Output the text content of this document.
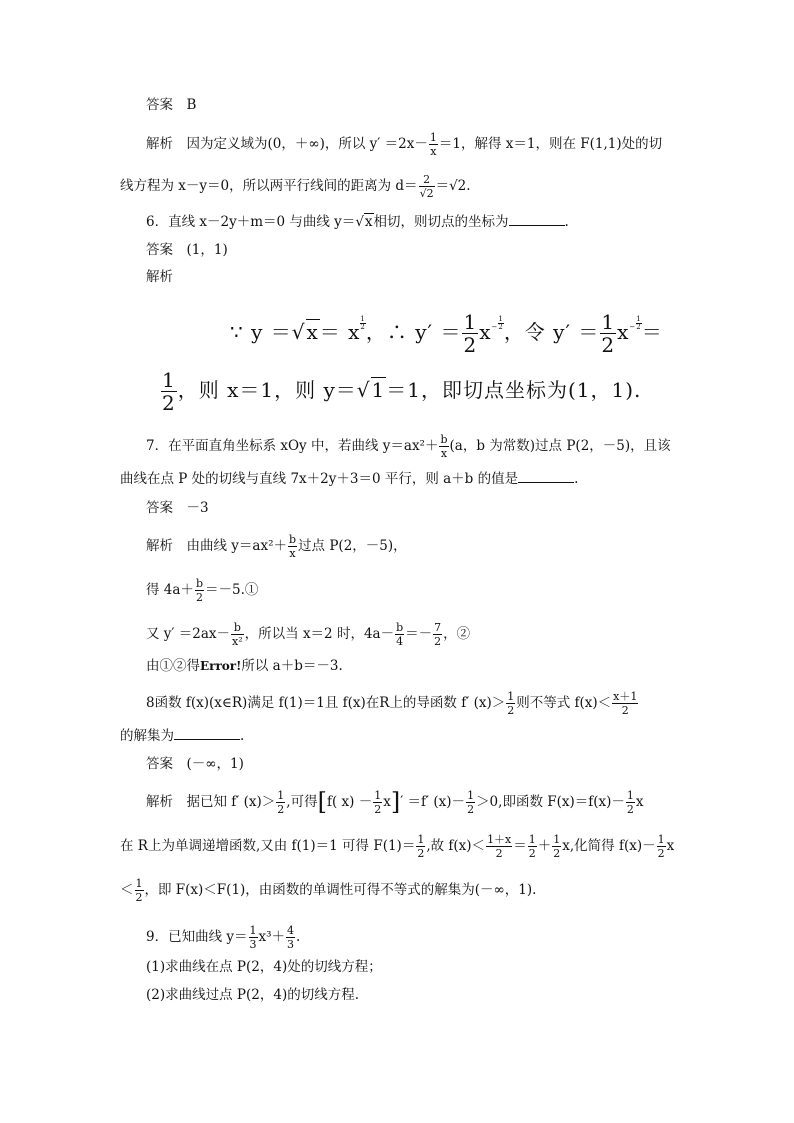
答案　B
解析　因为定义域为(0，＋∞)，所以 $y' =2x- \frac{1}{x} =1$，解得 x＝1，则在 F(1,1)处的切
线方程为 x－y＝0，所以两平行线间的距离为 $d= \frac{2}{√2} =√2$.
6．直线 x－2y＋m＝0 与曲线 y＝√x相切，则切点的坐标为	.
答案　(1，1)
解析
∵ y ＝√x＝ x $\frac{1}{2}$ ，∴ $y' = \frac{1}{2}$ $x - \frac{1}{2}$ ，令 $y' = \frac{1}{2}$ $x - \frac{1}{2}$ ＝
$\frac{1}{2}$ ，则 x＝1，则 y＝√1＝1，即切点坐标为(1，1).
7．在平面直角坐标系 xOy 中，若曲线 $y=ax^2+ \frac{b}{x} (a$，b 为常数)过点 P(2，－5)，且该
曲线在点 P 处的切线与直线 7x＋2y＋3＝0 平行，则 a＋b 的值是	.
答案　－3
解析　由曲线 $y=ax^2+ \frac{b}{x}$ 过点 P(2，－5)，
得 $4a+ \frac{b}{2}$ ＝－5.①
又 $y' =2ax- \frac{b}{\text{x²}}$ ，所以当 x＝2 时，$4a- \frac{b}{4} =- \frac{7}{2}$ ，②
由①②得Error!所以 a＋b＝－3.
8函数 f(x)(x∈R)满足 f(1)＝1且 f(x)在R上的导函数 f′ $(x)> \frac{1}{2}$ 则不等式 $f(x)< \frac{x+1}{2}$
的解集为	.
答案　(－∞，1)
解析　据已知 f′ $(x)> \frac{1}{2}$ ,可得[f( $x) - \frac{1}{2} x]' =f'$ $(x)- \frac{1}{2} >0$,即函数 $F(x)=f(x)- \frac{1}{2}$ x
在 R上为单调递增函数,又由 f(1)＝1 可得 $F(1)= \frac{1}{2}$ ,故 $f(x)< \frac{1+x}{2} = \frac{1}{2} + \frac{1}{2} x$,化简得 $f(x)- \frac{1}{2}$ x
＜ $\frac{1}{2}$ ，即 F(x)＜F(1)，由函数的单调性可得不等式的解集为(－∞，1).
9．已知曲线 $y= \frac{1}{3} x^3+ \frac{4}{3}$ .
(1)求曲线在点 P(2，4)处的切线方程；
(2)求曲线过点 P(2，4)的切线方程.
